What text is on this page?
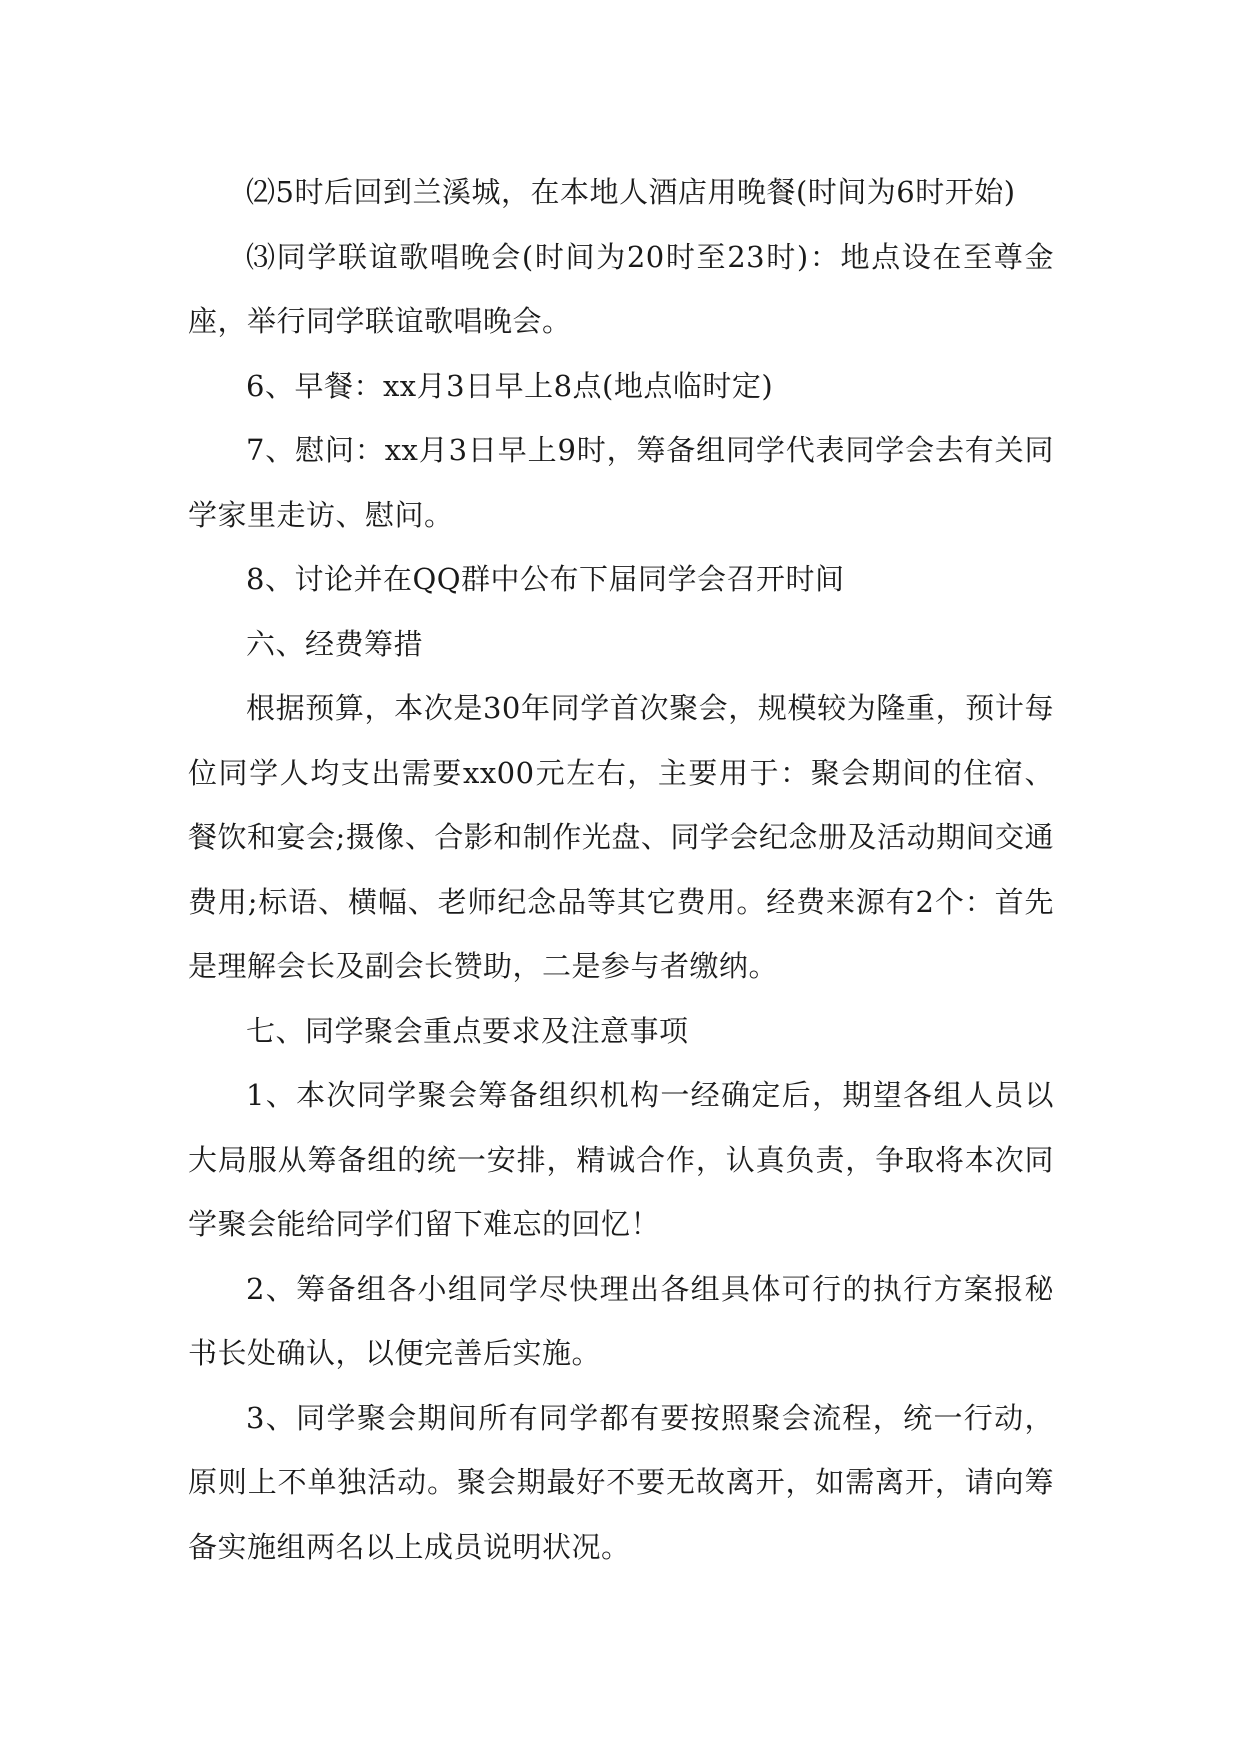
⑵5时后回到兰溪城，在本地人酒店用晚餐(时间为6时开始)

⑶同学联谊歌唱晚会(时间为20时至23时)：地点设在至尊金座，举行同学联谊歌唱晚会。

6、早餐：xx月3日早上8点(地点临时定)

7、慰问：xx月3日早上9时，筹备组同学代表同学会去有关同学家里走访、慰问。

8、讨论并在QQ群中公布下届同学会召开时间

六、经费筹措

根据预算，本次是30年同学首次聚会，规模较为隆重，预计每位同学人均支出需要xx00元左右，主要用于：聚会期间的住宿、餐饮和宴会;摄像、合影和制作光盘、同学会纪念册及活动期间交通费用;标语、横幅、老师纪念品等其它费用。经费来源有2个：首先是理解会长及副会长赞助，二是参与者缴纳。

七、同学聚会重点要求及注意事项

1、本次同学聚会筹备组织机构一经确定后，期望各组人员以大局服从筹备组的统一安排，精诚合作，认真负责，争取将本次同学聚会能给同学们留下难忘的回忆！

2、筹备组各小组同学尽快理出各组具体可行的执行方案报秘书长处确认，以便完善后实施。

3、同学聚会期间所有同学都有要按照聚会流程，统一行动，原则上不单独活动。聚会期最好不要无故离开，如需离开，请向筹备实施组两名以上成员说明状况。
